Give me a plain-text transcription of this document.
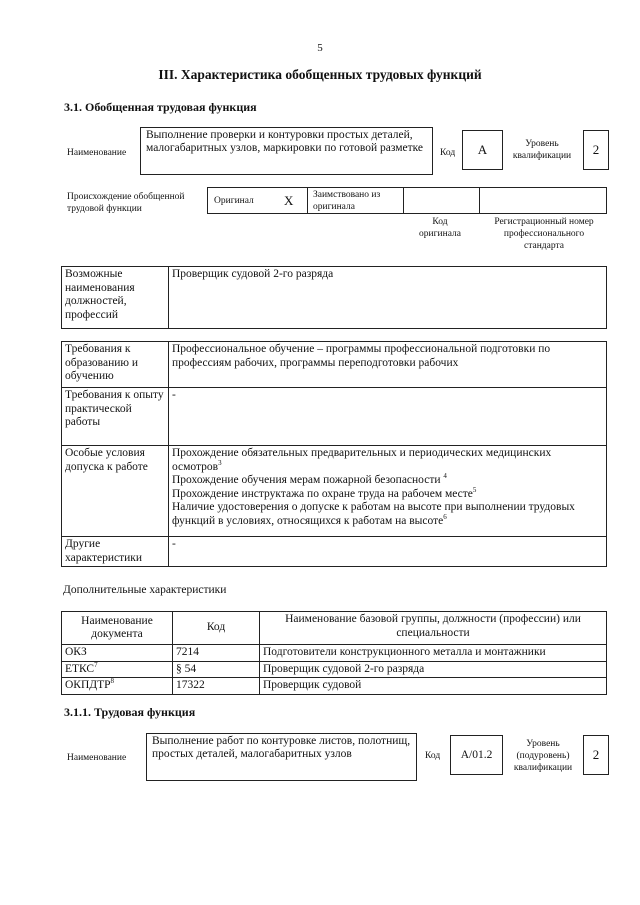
5
III. Характеристика обобщенных трудовых функций
3.1. Обобщенная трудовая функция
Наименование
Выполнение проверки и контуровки простых деталей, малогабаритных узлов, маркировки по готовой разметке	Код	A	Уровень квалификации	2
Происхождение обобщенной трудовой функции
Оригинал X Заимствовано из оригинала
Код оригинала
Регистрационный номер профессионального стандарта
Возможные наименования должностей, профессий	Проверщик судовой 2-го разряда
Требования к образованию и обучению	Профессиональное обучение – программы профессиональной подготовки по профессиям рабочих, программы переподготовки рабочих
Требования к опыту практической работы	-
Особые условия допуска к работе	Прохождение обязательных предварительных и периодических медицинских осмотров$^3$
Прохождение обучения мерам пожарной безопасности $^4$
Прохождение инструктажа по охране труда на рабочем месте$^5$
Наличие удостоверения о допуске к работам на высоте при выполнении трудовых функций в условиях, относящихся к работам на высоте$^6$

Другие характеристики	-
Дополнительные характеристики
Наименование документа	Код	Наименование базовой группы, должности (профессии) или специальности
ОКЗ	7214	Подготовители конструкционного металла и монтажники
ЕТКС$^7$	§ 54	Проверщик судовой 2-го разряда
ОКПДТР$^8$	17322	Проверщик судовой
3.1.1. Трудовая функция
Наименование
Выполнение работ по контуровке листов, полотнищ, простых деталей, малогабаритных узлов	Код	A/01.2
Уровень (подуровень) квалификации
2
